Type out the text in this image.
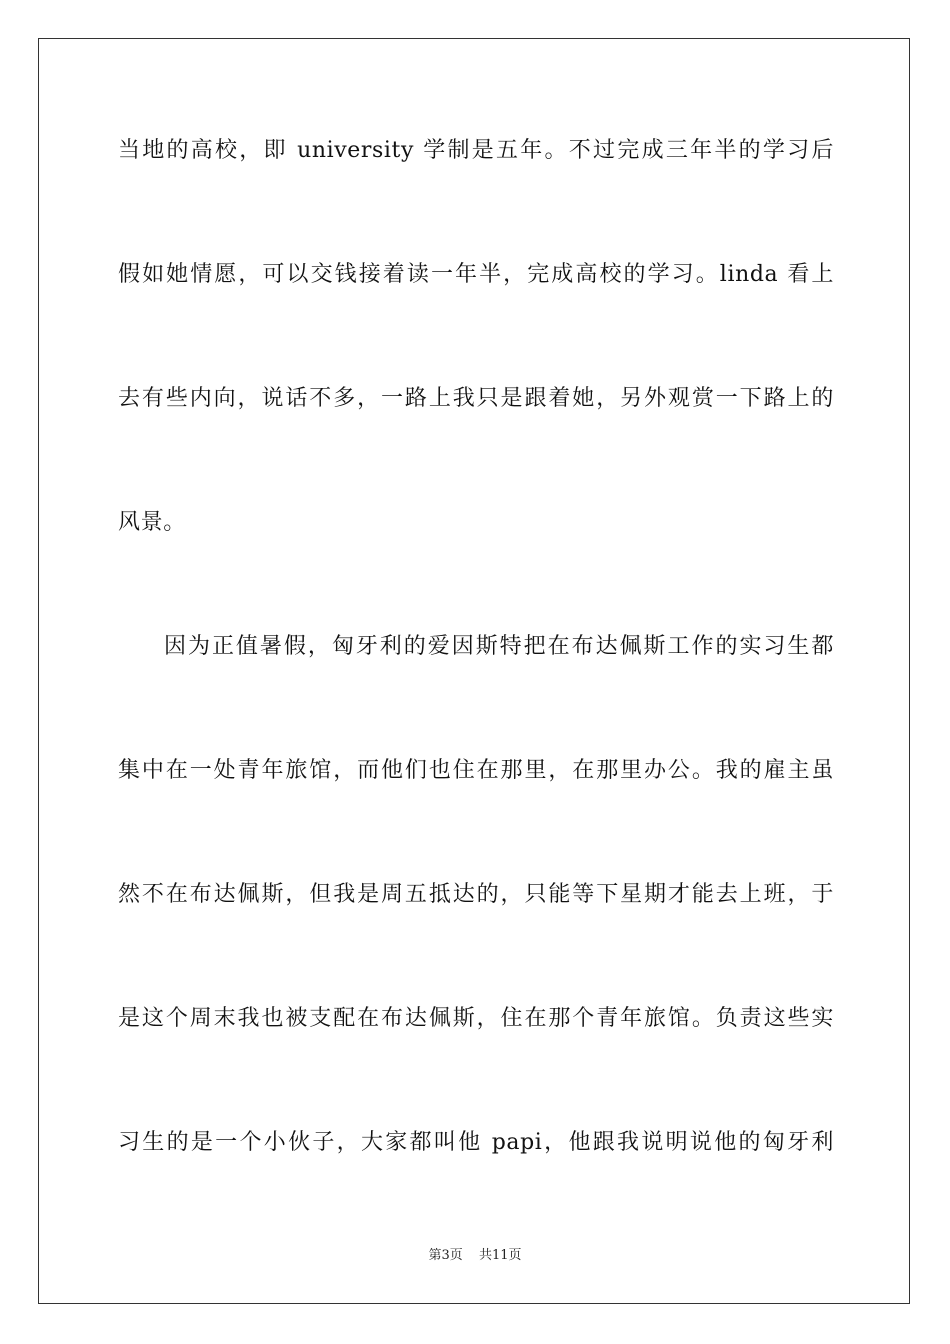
当地的高校，即 university 学制是五年。不过完成三年半的学习后
假如她情愿，可以交钱接着读一年半，完成高校的学习。linda 看上
去有些内向，说话不多，一路上我只是跟着她，另外观赏一下路上的
风景。
因为正值暑假，匈牙利的爱因斯特把在布达佩斯工作的实习生都
集中在一处青年旅馆，而他们也住在那里，在那里办公。我的雇主虽
然不在布达佩斯，但我是周五抵达的，只能等下星期才能去上班，于
是这个周末我也被支配在布达佩斯，住在那个青年旅馆。负责这些实
习生的是一个小伙子，大家都叫他 papi，他跟我说明说他的匈牙利
第3页 共11页
